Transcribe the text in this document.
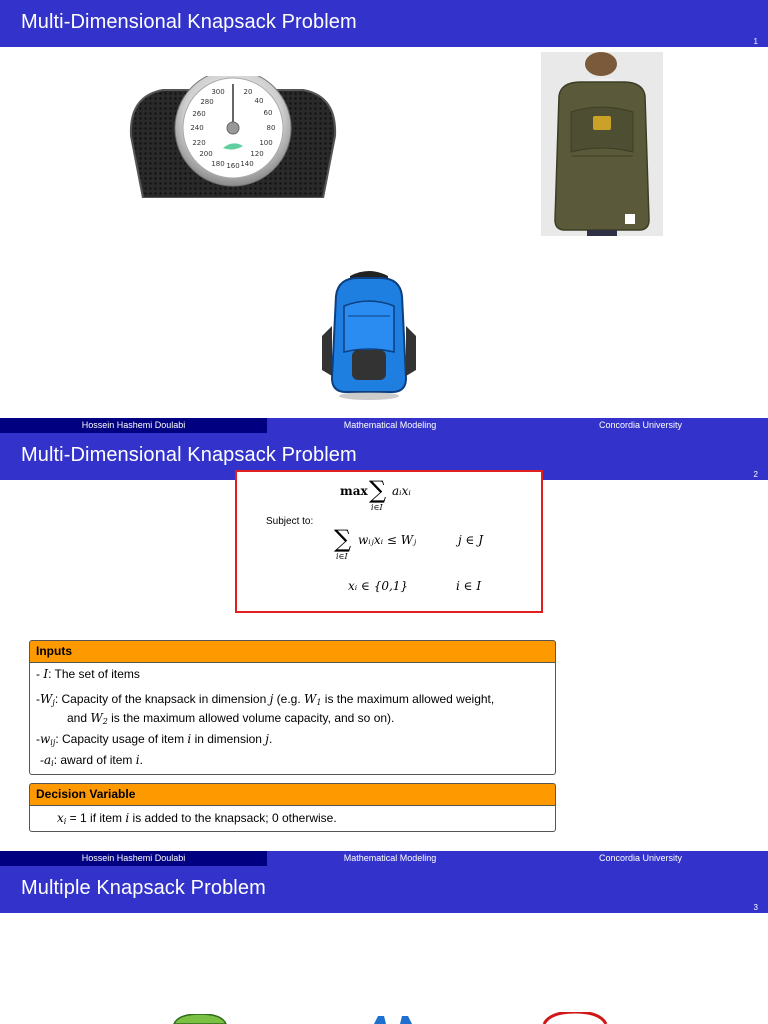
Multi-Dimensional Knapsack Problem
1
300	20
280	40
260	60
240	80
220	100
200	120
180 160 140
Hossein Hashemi Doulabi	Mathematical Modeling	Concordia University
Multi-Dimensional Knapsack Problem
2
max ∑
i∈I
aᵢxᵢ
Subject to:
∑
i∈I
wᵢⱼxᵢ ≤ Wⱼ	j ∈ J
xᵢ ∈ {0,1}	i ∈ I
Inputs
- I: The set of items
$-W_j$: Capacity of the knapsack in dimension j (e.g. $W_1$ is the maximum allowed weight,
and $W_2$ is the maximum allowed volume capacity, and so on).
$-w_{ij}$: Capacity usage of item i in dimension j.
$-a_i$: award of item i.
Decision Variable
$x_i = 1$ if item i is added to the knapsack; 0 otherwise.
Hossein Hashemi Doulabi	Mathematical Modeling	Concordia University
Multiple Knapsack Problem
3
